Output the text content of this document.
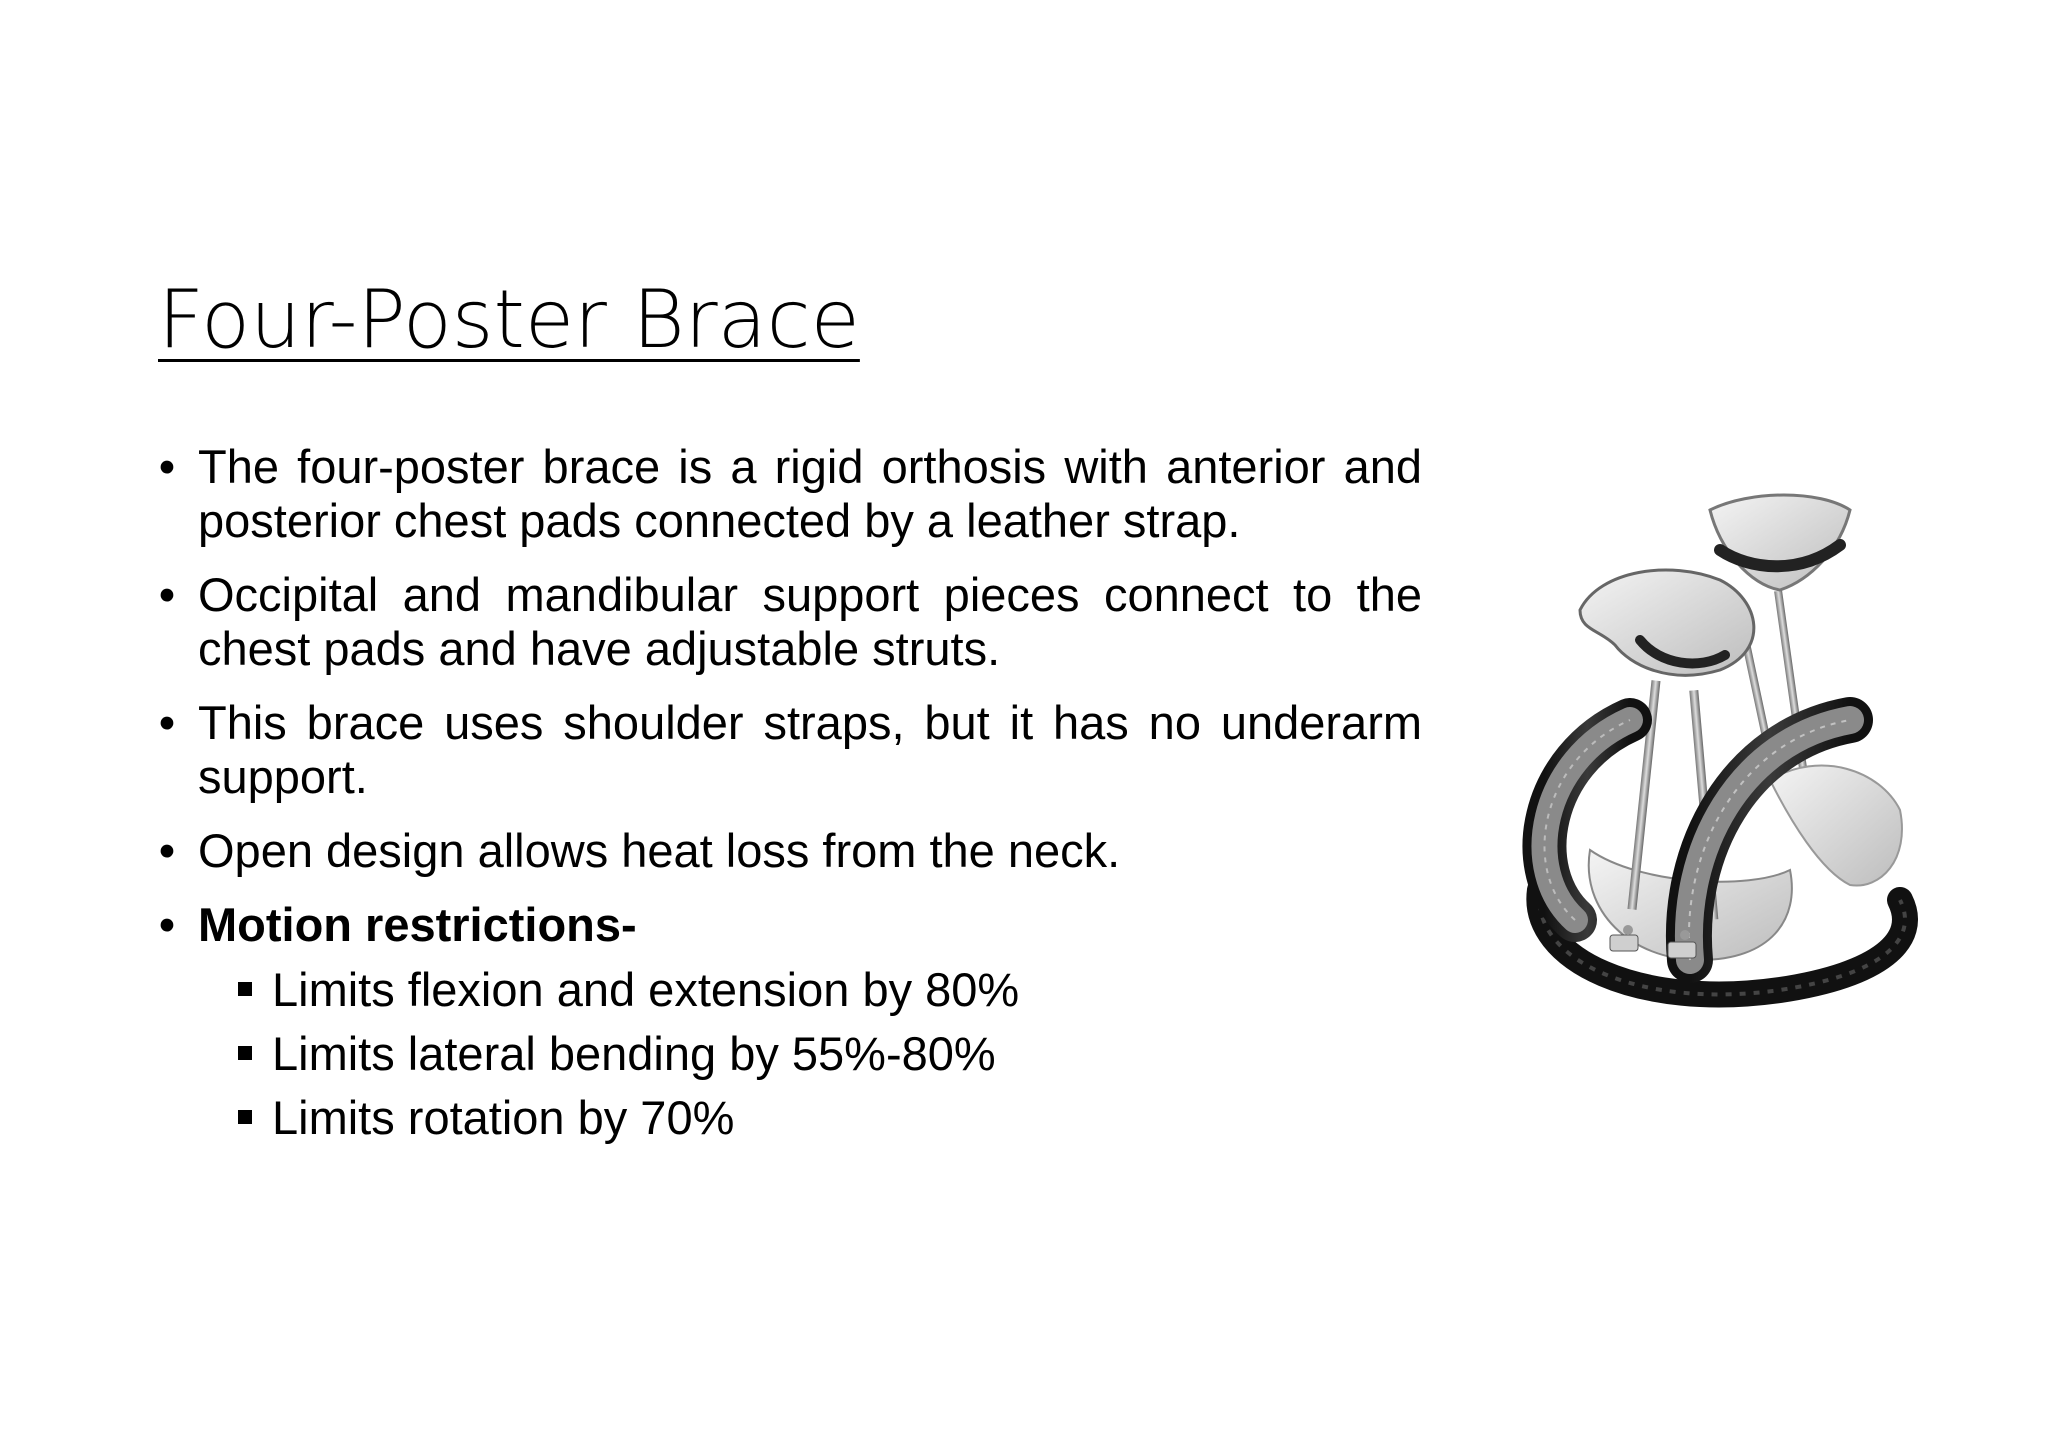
Four-Poster Brace
• The four-poster brace is a rigid orthosis with anterior and posterior chest pads connected by a leather strap.
• Occipital and mandibular support pieces connect to the chest pads and have adjustable struts.
• This brace uses shoulder straps, but it has no underarm support.
• Open design allows heat loss from the neck.
• Motion restrictions-
Limits flexion and extension by 80%
Limits lateral bending by 55%-80%
Limits rotation by 70%
